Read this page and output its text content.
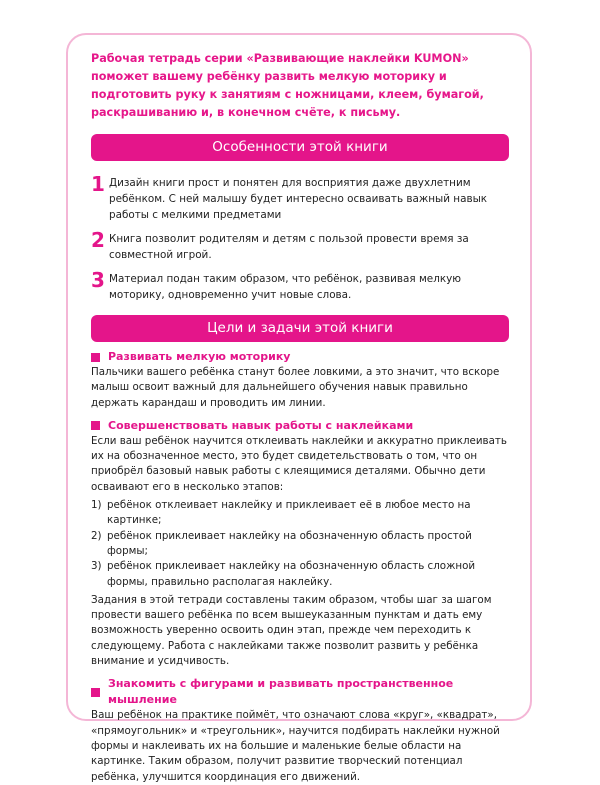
Рабочая тетрадь серии «Развивающие наклейки KUMON» поможет вашему ребёнку развить мелкую моторику и подготовить руку к занятиям с ножницами, клеем, бумагой, раскрашиванию и, в конечном счёте, к письму.

Особенности этой книги
1 Дизайн книги прост и понятен для восприятия даже двухлетним ребёнком. С ней малышу будет интересно осваивать важный навык работы с мелкими предметами
2 Книга позволит родителям и детям с пользой провести время за совместной игрой.
3 Материал подан таким образом, что ребёнок, развивая мелкую моторику, одновременно учит новые слова.
Цели и задачи этой книги
Развивать мелкую моторику

Пальчики вашего ребёнка станут более ловкими, а это значит, что вскоре малыш освоит важный для дальнейшего обучения навык правильно держать карандаш и проводить им линии.

Совершенствовать навык работы с наклейками

Если ваш ребёнок научится отклеивать наклейки и аккуратно приклеивать их на обозначенное место, это будет свидетельствовать о том, что он приобрёл базовый навык работы с клеящимися деталями. Обычно дети осваивают его в несколько этапов:

1) ребёнок отклеивает наклейку и приклеивает её в любое место на картинке;
2) ребёнок приклеивает наклейку на обозначенную область простой формы;
3) ребёнок приклеивает наклейку на обозначенную область сложной формы, правильно располагая наклейку.

Задания в этой тетради составлены таким образом, чтобы шаг за шагом провести вашего ребёнка по всем вышеуказанным пунктам и дать ему возможность уверенно освоить один этап, прежде чем переходить к следующему. Работа с наклейками также позволит развить у ребёнка внимание и усидчивость.

Знакомить с фигурами и развивать пространственное мышление

Ваш ребёнок на практике поймёт, что означают слова «круг», «квадрат», «прямоугольник» и «треугольник», научится подбирать наклейки нужной формы и наклеивать их на большие и маленькие белые области на картинке. Таким образом, получит развитие творческий потенциал ребёнка, улучшится координация его движений.
